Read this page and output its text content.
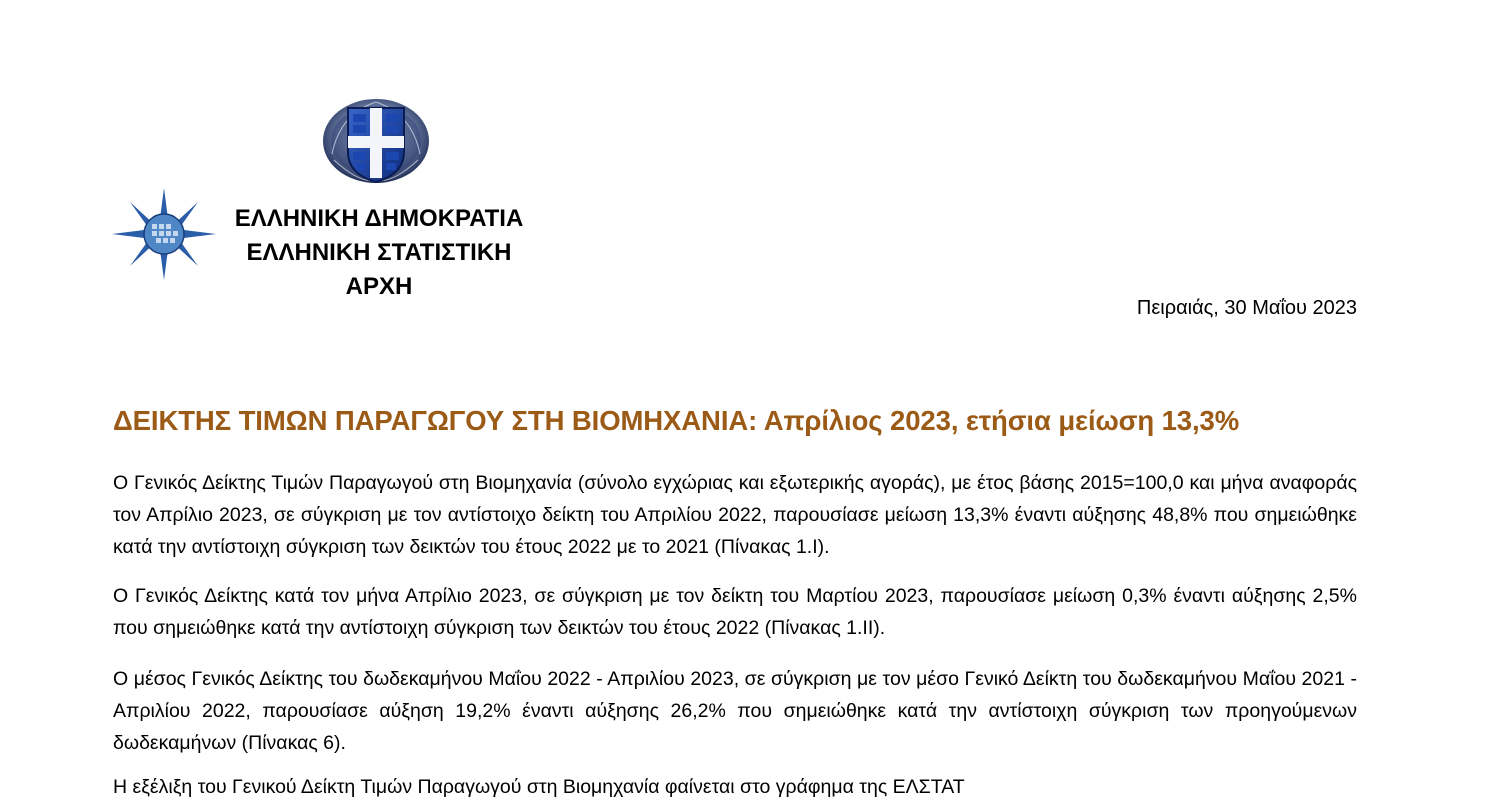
ΕΛΛΗΝΙΚΗ ΔΗΜΟΚΡΑΤΙΑ
ΕΛΛΗΝΙΚΗ ΣΤΑΤΙΣΤΙΚΗ ΑΡΧΗ
Πειραιάς, 30 Μαΐου 2023
ΔΕΙΚΤΗΣ ΤΙΜΩΝ ΠΑΡΑΓΩΓΟΥ ΣΤΗ ΒΙΟΜΗΧΑΝΙΑ: Απρίλιος 2023, ετήσια μείωση 13,3%

Ο Γενικός Δείκτης Τιμών Παραγωγού στη Βιομηχανία (σύνολο εγχώριας και εξωτερικής αγοράς), με έτος βάσης 2015=100,0 και μήνα αναφοράς τον Απρίλιο 2023, σε σύγκριση με τον αντίστοιχο δείκτη του Απριλίου 2022, παρουσίασε μείωση 13,3% έναντι αύξησης 48,8% που σημειώθηκε κατά την αντίστοιχη σύγκριση των δεικτών του έτους 2022 με το 2021 (Πίνακας 1.I).

Ο Γενικός Δείκτης κατά τον μήνα Απρίλιο 2023, σε σύγκριση με τον δείκτη του Μαρτίου 2023, παρουσίασε μείωση 0,3% έναντι αύξησης 2,5% που σημειώθηκε κατά την αντίστοιχη σύγκριση των δεικτών του έτους 2022 (Πίνακας 1.II).

Ο μέσος Γενικός Δείκτης του δωδεκαμήνου Μαΐου 2022 - Απριλίου 2023, σε σύγκριση με τον μέσο Γενικό Δείκτη του δωδεκαμήνου Μαΐου 2021 - Απριλίου 2022, παρουσίασε αύξηση 19,2% έναντι αύξησης 26,2% που σημειώθηκε κατά την αντίστοιχη σύγκριση των προηγούμενων δωδεκαμήνων (Πίνακας 6).

Η εξέλιξη του Γενικού Δείκτη Τιμών Παραγωγού στη Βιομηχανία φαίνεται στο γράφημα της ΕΛΣΤΑΤ
